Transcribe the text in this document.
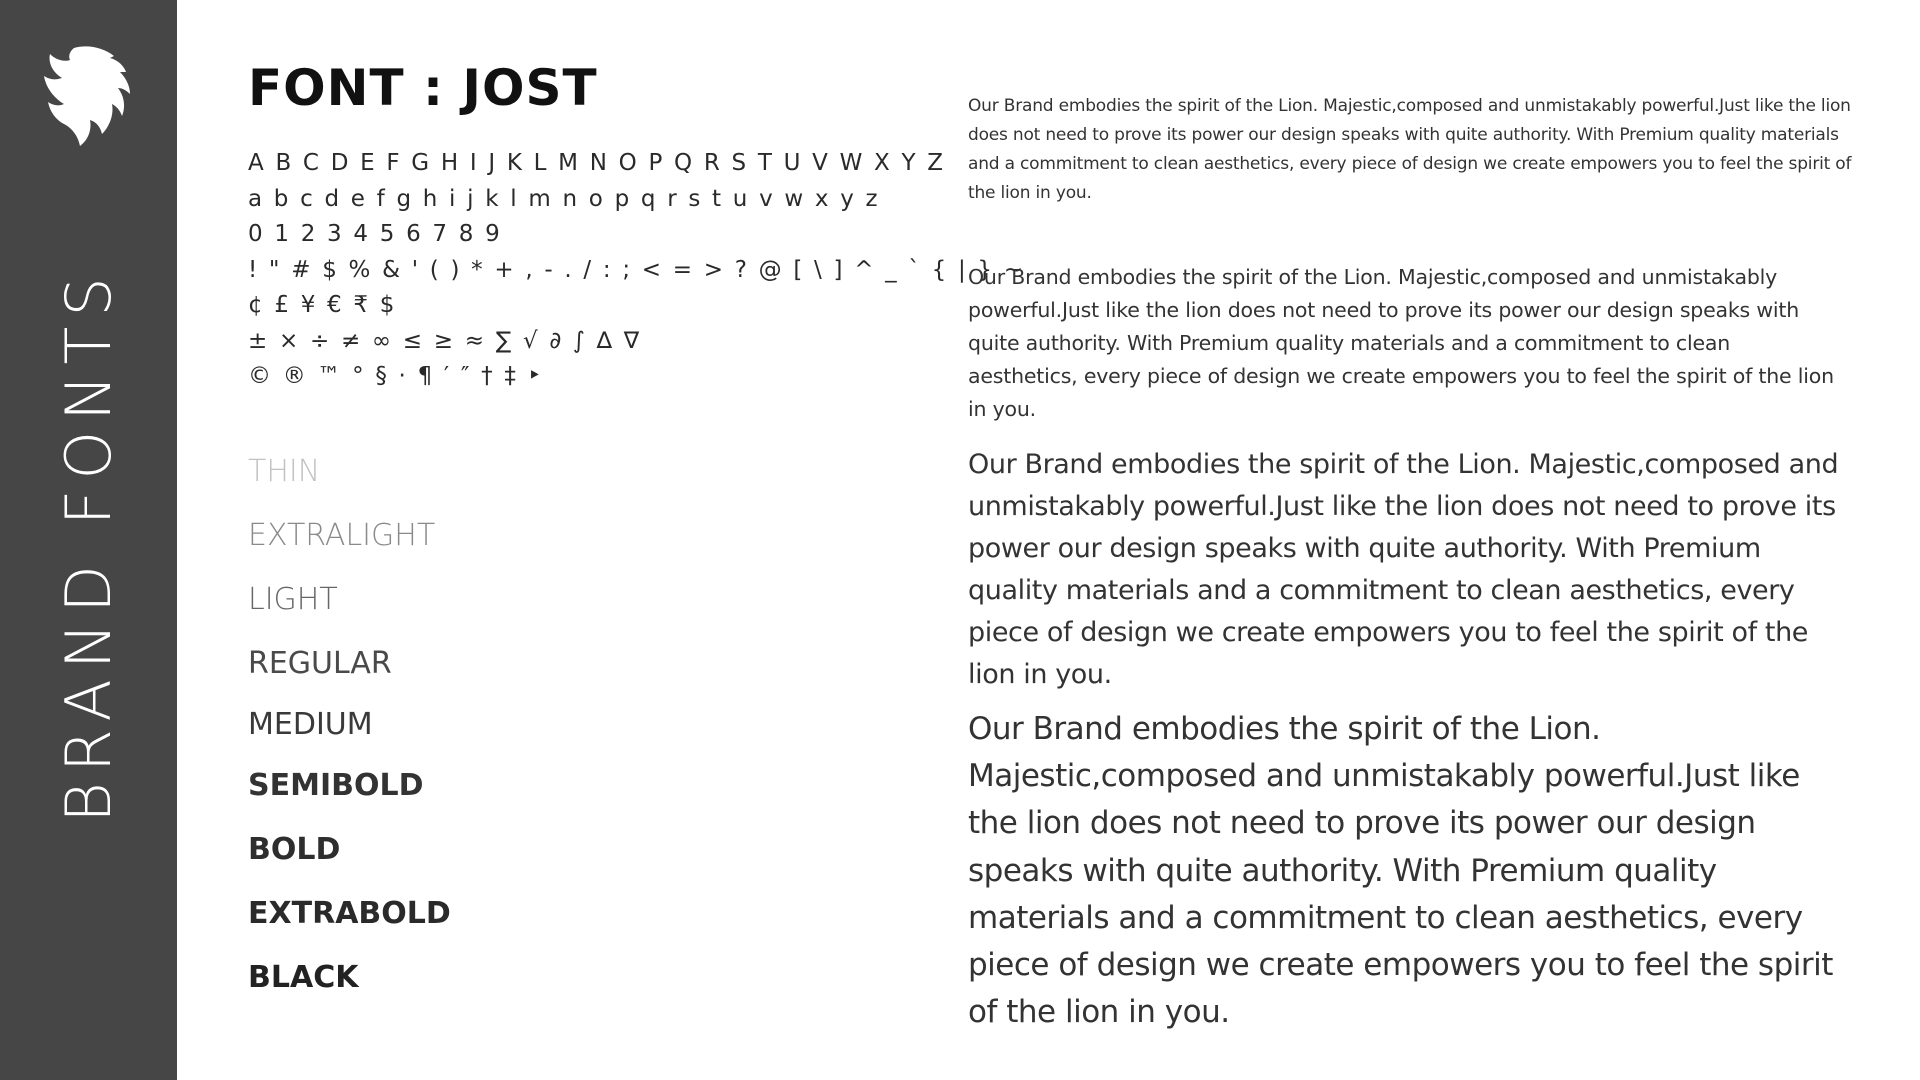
BRAND FONTS
FONT : JOST
A B C D E F G H I J K L M N O P Q R S T U V W X Y Z
a b c d e f g h i j k l m n o p q r s t u v w x y z
0 1 2 3 4 5 6 7 8 9
! " # $ % & ' ( ) * + , - . / : ; < = > ? @ [ \ ] ^ _ ` { | } ~
¢ £ ¥ € ₹ $
± × ÷ ≠ ∞ ≤ ≥ ≈ ∑ √ ∂ ∫ ∆ ∇
© ® ™ ° § · ¶ ′ ″ † ‡ ‣
THIN
EXTRALIGHT
LIGHT
REGULAR
MEDIUM
SEMIBOLD
BOLD
EXTRABOLD
BLACK

Our Brand embodies the spirit of the Lion. Majestic,composed and unmistakably powerful.Just like the lion does not need to prove its power our design speaks with quite authority. With Premium quality materials and a commitment to clean aesthetics, every piece of design we create empowers you to feel the spirit of the lion in you.

Our Brand embodies the spirit of the Lion. Majestic,composed and unmistakably powerful.Just like the lion does not need to prove its power our design speaks with quite authority. With Premium quality materials and a commitment to clean aesthetics, every piece of design we create empowers you to feel the spirit of the lion in you.

Our Brand embodies the spirit of the Lion. Majestic,composed and unmistakably powerful.Just like the lion does not need to prove its power our design speaks with quite authority. With Premium quality materials and a commitment to clean aesthetics, every piece of design we create empowers you to feel the spirit of the lion in you.

Our Brand embodies the spirit of the Lion. Majestic,composed and unmistakably powerful.Just like the lion does not need to prove its power our design speaks with quite authority. With Premium quality materials and a commitment to clean aesthetics, every piece of design we create empowers you to feel the spirit of the lion in you.
